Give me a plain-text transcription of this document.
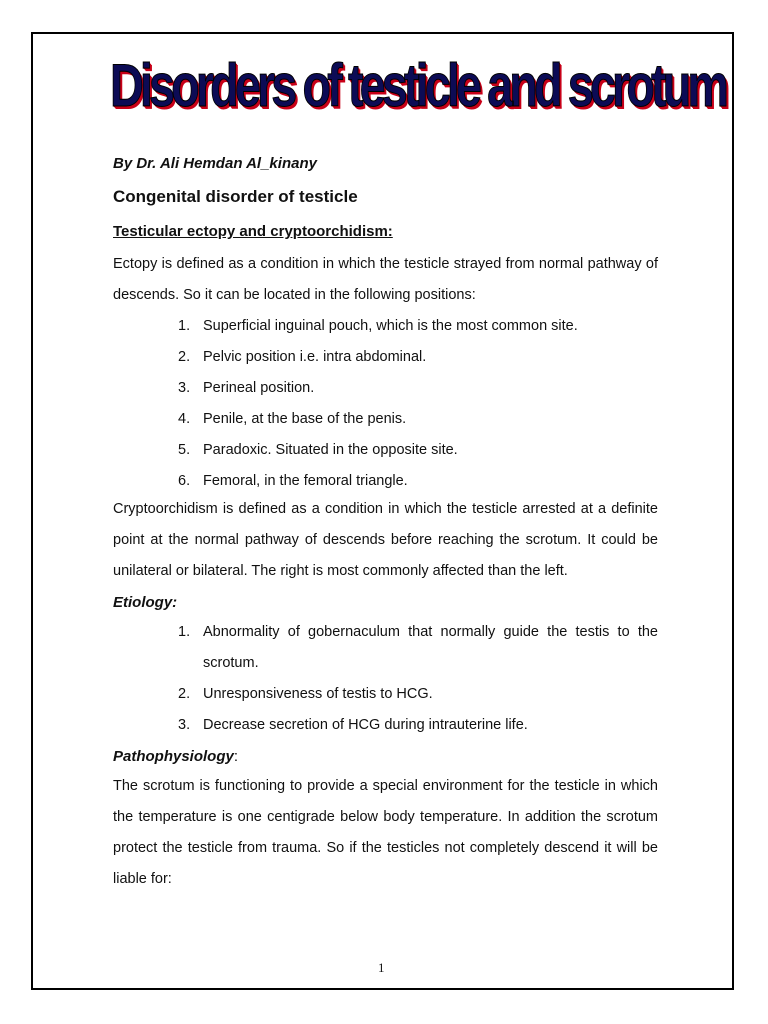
Disorders of testicle and scrotum
By Dr. Ali Hemdan Al_kinany
Congenital disorder of testicle
Testicular ectopy and cryptoorchidism:
Ectopy is defined as a condition in which the testicle strayed from normal pathway of descends. So it can be located in the following positions:
1. Superficial inguinal pouch, which is the most common site.
2. Pelvic position i.e. intra abdominal.
3. Perineal position.
4. Penile, at the base of the penis.
5. Paradoxic. Situated in the opposite site.
6. Femoral, in the femoral triangle.
Cryptoorchidism is defined as a condition in which the testicle arrested at a definite point at the normal pathway of descends before reaching the scrotum. It could be unilateral or bilateral. The right is most commonly affected than the left.
Etiology:
1. Abnormality of gobernaculum that normally guide the testis to the scrotum.
2. Unresponsiveness of testis to HCG.
3. Decrease secretion of HCG during intrauterine life.
Pathophysiology:
The scrotum is functioning to provide a special environment for the testicle in which the temperature is one centigrade below body temperature. In addition the scrotum protect the testicle from trauma. So if the testicles not completely descend it will be liable for:
1
